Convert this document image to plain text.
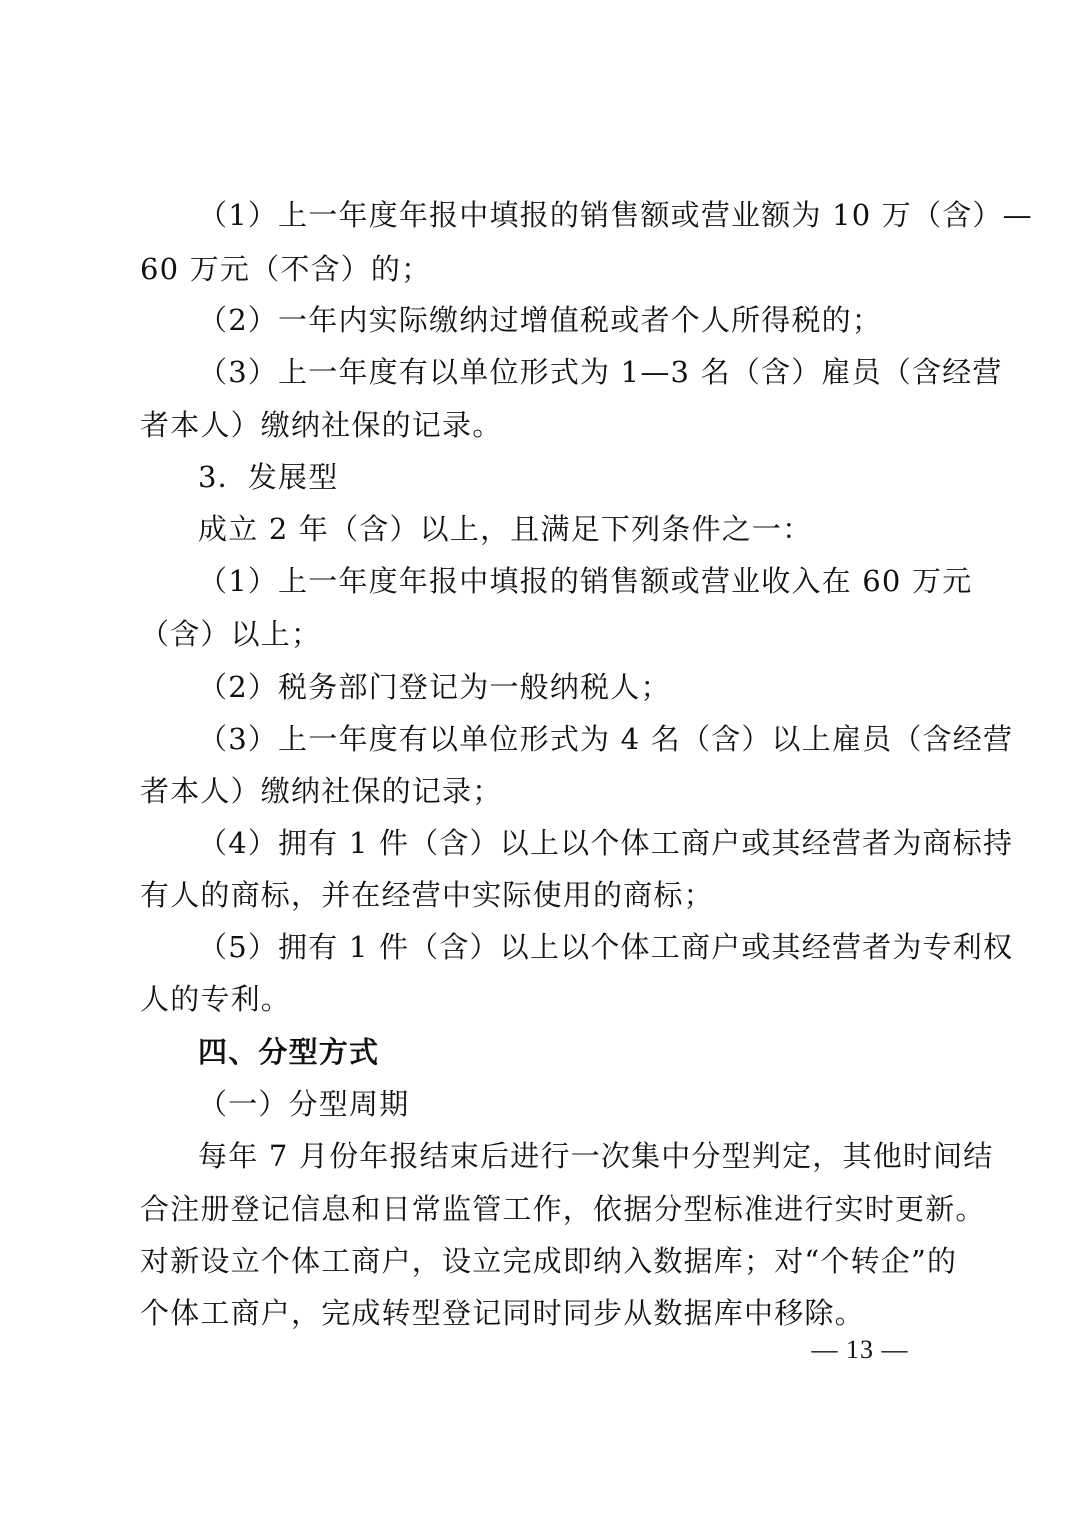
（1）上一年度年报中填报的销售额或营业额为 10 万（含）—
60 万元（不含）的；
（2）一年内实际缴纳过增值税或者个人所得税的；
（3）上一年度有以单位形式为 1—3 名（含）雇员（含经营
者本人）缴纳社保的记录。
3．发展型
成立 2 年（含）以上，且满足下列条件之一：
（1）上一年度年报中填报的销售额或营业收入在 60 万元
（含）以上；
（2）税务部门登记为一般纳税人；
（3）上一年度有以单位形式为 4 名（含）以上雇员（含经营
者本人）缴纳社保的记录；
（4）拥有 1 件（含）以上以个体工商户或其经营者为商标持
有人的商标，并在经营中实际使用的商标；
（5）拥有 1 件（含）以上以个体工商户或其经营者为专利权
人的专利。
四、分型方式
（一）分型周期
每年 7 月份年报结束后进行一次集中分型判定，其他时间结
合注册登记信息和日常监管工作，依据分型标准进行实时更新。
对新设立个体工商户，设立完成即纳入数据库；对“个转企”的
个体工商户，完成转型登记同时同步从数据库中移除。
— 13 —
